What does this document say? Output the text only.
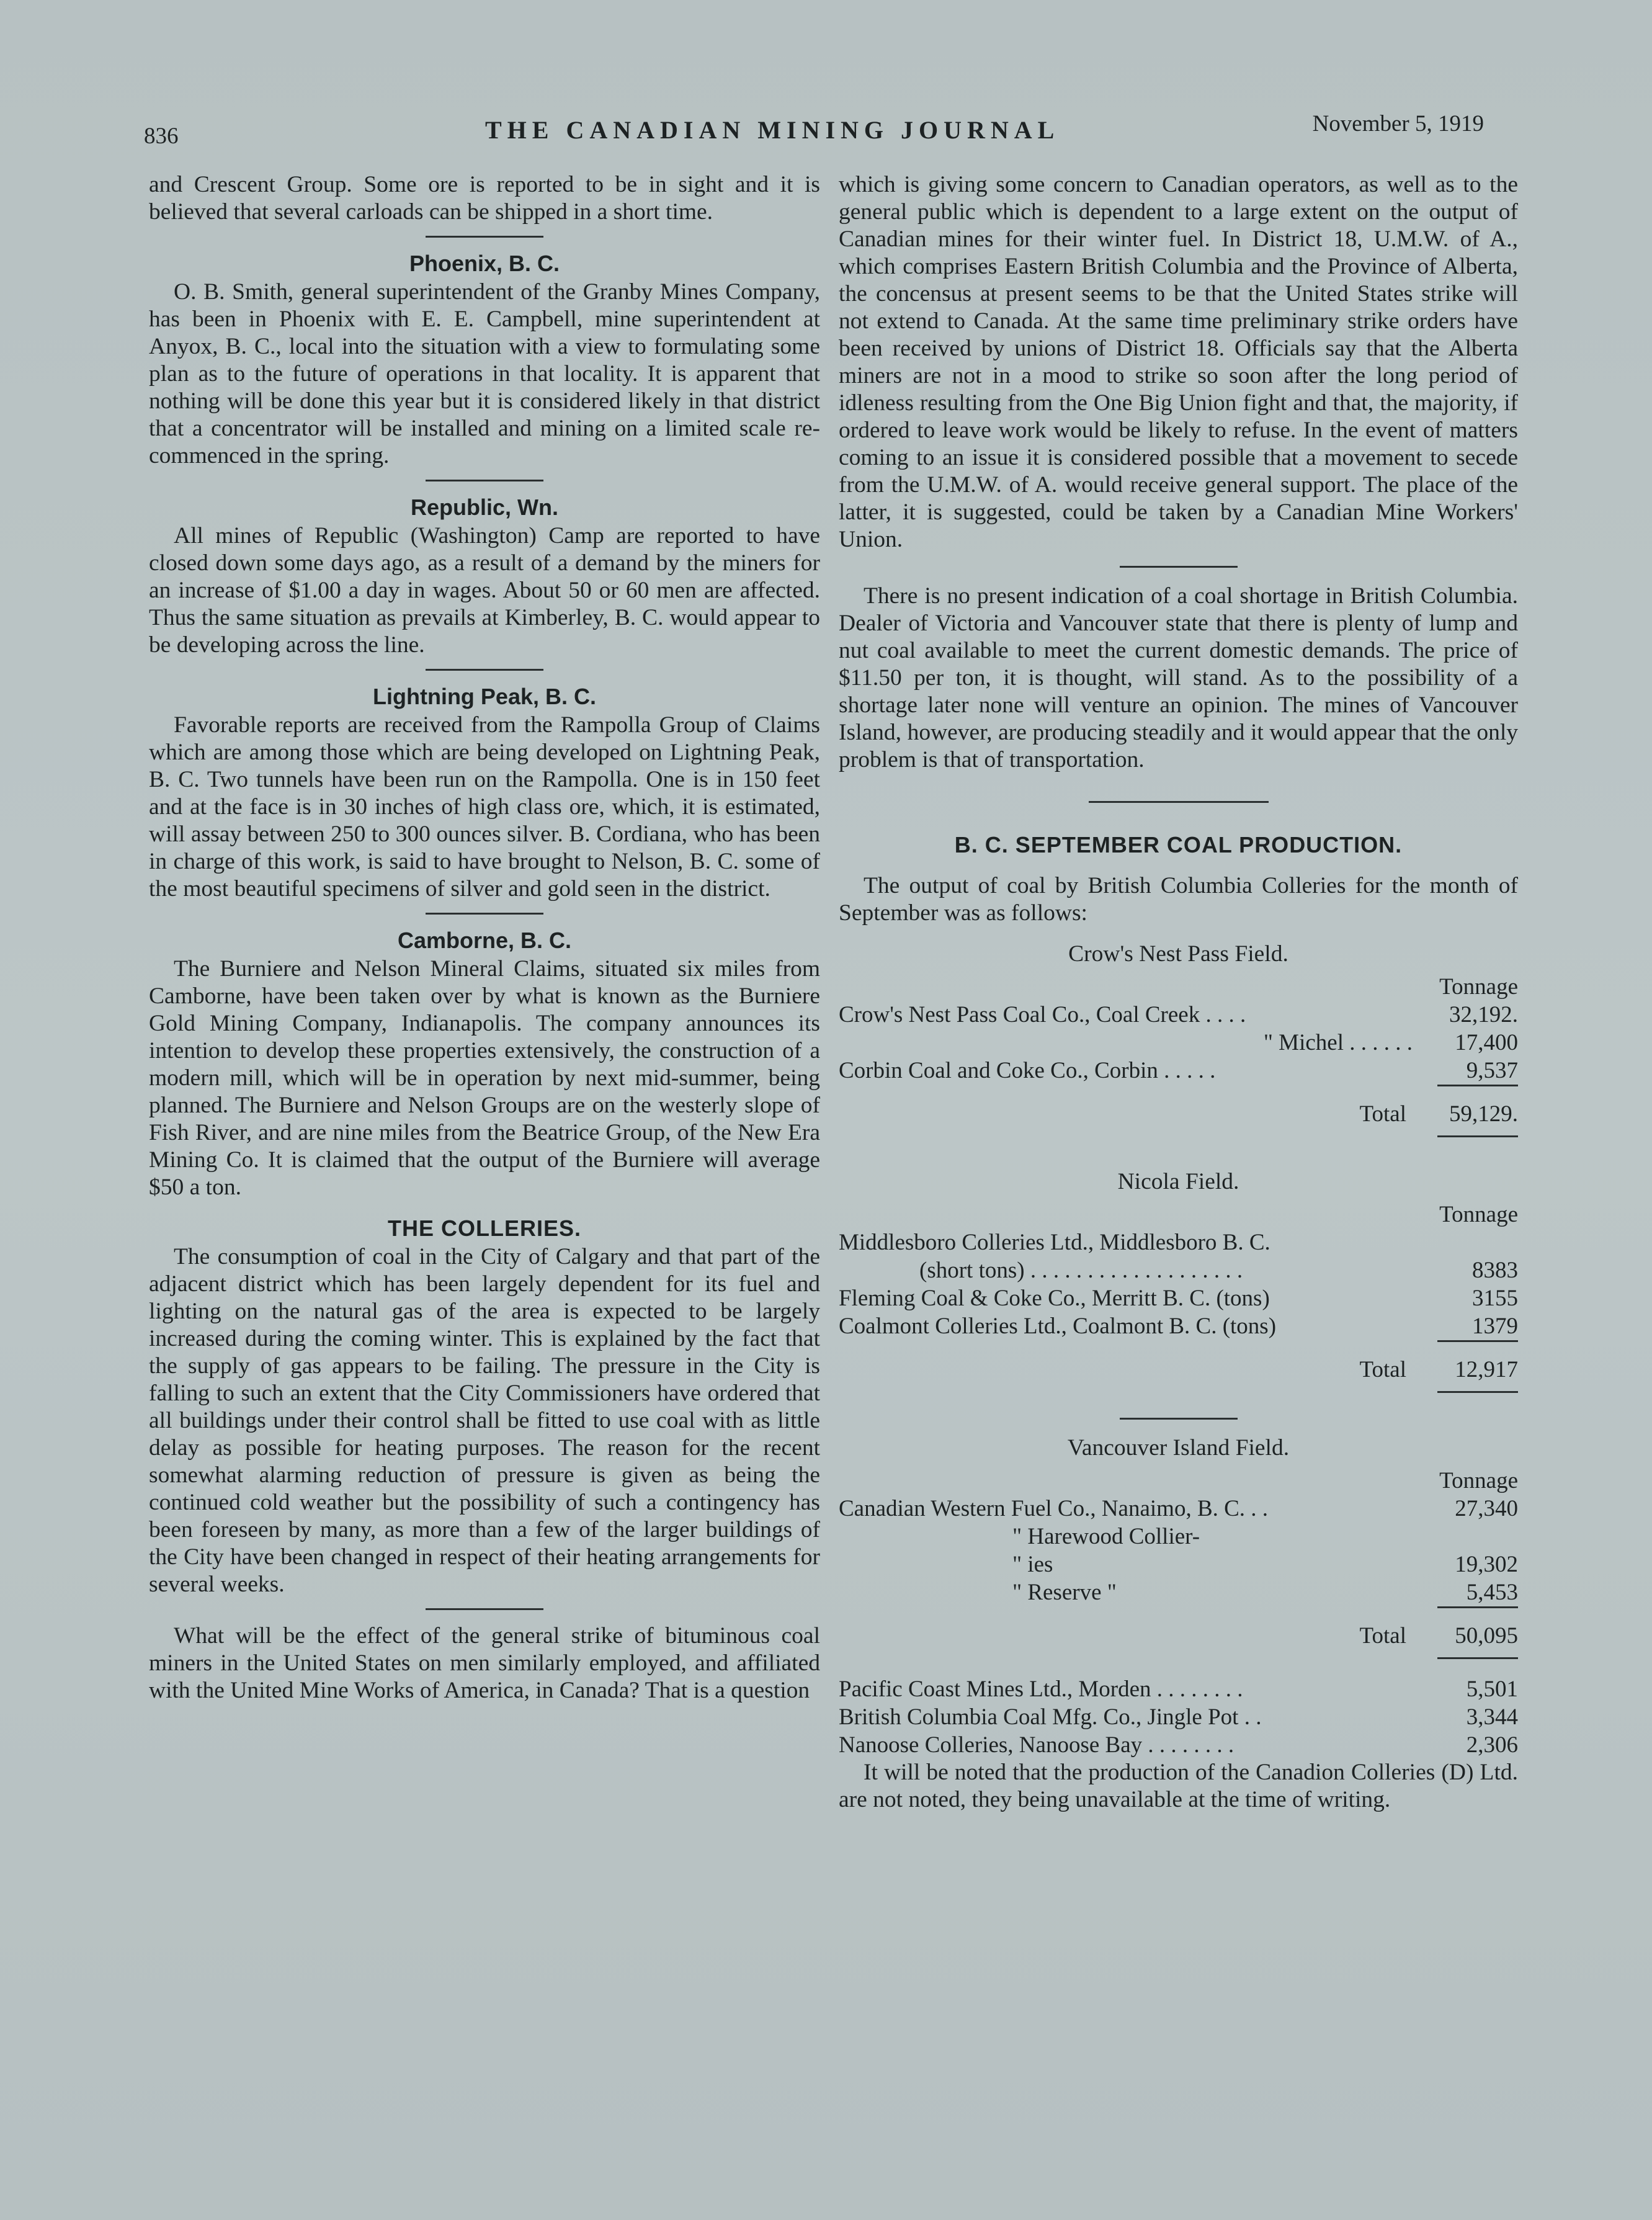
836	THE CANADIAN MINING JOURNAL	November 5, 1919

and Crescent Group. Some ore is reported to be in sight and it is believed that several carloads can be shipped in a short time.

Phoenix, B. C.

O. B. Smith, general superintendent of the Granby Mines Company, has been in Phoenix with E. E. Campbell, mine superintendent at Anyox, B. C., local into the situation with a view to formulating some plan as to the future of operations in that locality. It is apparent that nothing will be done this year but it is considered likely in that district that a concentrator will be installed and mining on a limited scale re-commenced in the spring.

Republic, Wn.

All mines of Republic (Washington) Camp are reported to have closed down some days ago, as a result of a demand by the miners for an increase of $1.00 a day in wages. About 50 or 60 men are affected. Thus the same situation as prevails at Kimberley, B. C. would appear to be developing across the line.

Lightning Peak, B. C.

Favorable reports are received from the Rampolla Group of Claims which are among those which are being developed on Lightning Peak, B. C. Two tunnels have been run on the Rampolla. One is in 150 feet and at the face is in 30 inches of high class ore, which, it is estimated, will assay between 250 to 300 ounces silver. B. Cordiana, who has been in charge of this work, is said to have brought to Nelson, B. C. some of the most beautiful specimens of silver and gold seen in the district.

Camborne, B. C.

The Burniere and Nelson Mineral Claims, situated six miles from Camborne, have been taken over by what is known as the Burniere Gold Mining Company, Indianapolis. The company announces its intention to develop these properties extensively, the construction of a modern mill, which will be in operation by next mid-summer, being planned. The Burniere and Nelson Groups are on the westerly slope of Fish River, and are nine miles from the Beatrice Group, of the New Era Mining Co. It is claimed that the output of the Burniere will average $50 a ton.

THE COLLERIES.

The consumption of coal in the City of Calgary and that part of the adjacent district which has been largely dependent for its fuel and lighting on the natural gas of the area is expected to be largely increased during the coming winter. This is explained by the fact that the supply of gas appears to be failing. The pressure in the City is falling to such an extent that the City Commissioners have ordered that all buildings under their control shall be fitted to use coal with as little delay as possible for heating purposes. The reason for the recent somewhat alarming reduction of pressure is given as being the continued cold weather but the possibility of such a contingency has been foreseen by many, as more than a few of the larger buildings of the City have been changed in respect of their heating arrangements for several weeks.

What will be the effect of the general strike of bituminous coal miners in the United States on men similarly employed, and affiliated with the United Mine Works of America, in Canada? That is a question

which is giving some concern to Canadian operators, as well as to the general public which is dependent to a large extent on the output of Canadian mines for their winter fuel. In District 18, U.M.W. of A., which comprises Eastern British Columbia and the Province of Alberta, the concensus at present seems to be that the United States strike will not extend to Canada. At the same time preliminary strike orders have been received by unions of District 18. Officials say that the Alberta miners are not in a mood to strike so soon after the long period of idleness resulting from the One Big Union fight and that, the majority, if ordered to leave work would be likely to refuse. In the event of matters coming to an issue it is considered possible that a movement to secede from the U.M.W. of A. would receive general support. The place of the latter, it is suggested, could be taken by a Canadian Mine Workers' Union.

There is no present indication of a coal shortage in British Columbia. Dealer of Victoria and Vancouver state that there is plenty of lump and nut coal available to meet the current domestic demands. The price of $11.50 per ton, it is thought, will stand. As to the possibility of a shortage later none will venture an opinion. The mines of Vancouver Island, however, are producing steadily and it would appear that the only problem is that of transportation.

B. C. SEPTEMBER COAL PRODUCTION.

The output of coal by British Columbia Colleries for the month of September was as follows:

Crow's Nest Pass Field.
	Tonnage
Crow's Nest Pass Coal Co., Coal Creek . . . .	32,192.
" Michel . . . . . .	17,400
Corbin Coal and Coke Co., Corbin . . . . .	9,537

Total	59,129.

Nicola Field.
	Tonnage
Middlesboro Colleries Ltd., Middlesboro B. C.	
(short tons) . . . . . . . . . . . . . . . . . . .	8383
Fleming Coal & Coke Co., Merritt B. C. (tons)	3155
Coalmont Colleries Ltd., Coalmont B. C. (tons)	1379

Total	12,917

Vancouver Island Field.
	Tonnage
Canadian Western Fuel Co., Nanaimo, B. C. . .	27,340
" Harewood Collier-	
" ies	19,302
" Reserve "	5,453

Total	50,095

Pacific Coast Mines Ltd., Morden . . . . . . . .	5,501
British Columbia Coal Mfg. Co., Jingle Pot . .	3,344
Nanoose Colleries, Nanoose Bay . . . . . . . .	2,306

It will be noted that the production of the Canadion Colleries (D) Ltd. are not noted, they being unavailable at the time of writing.
